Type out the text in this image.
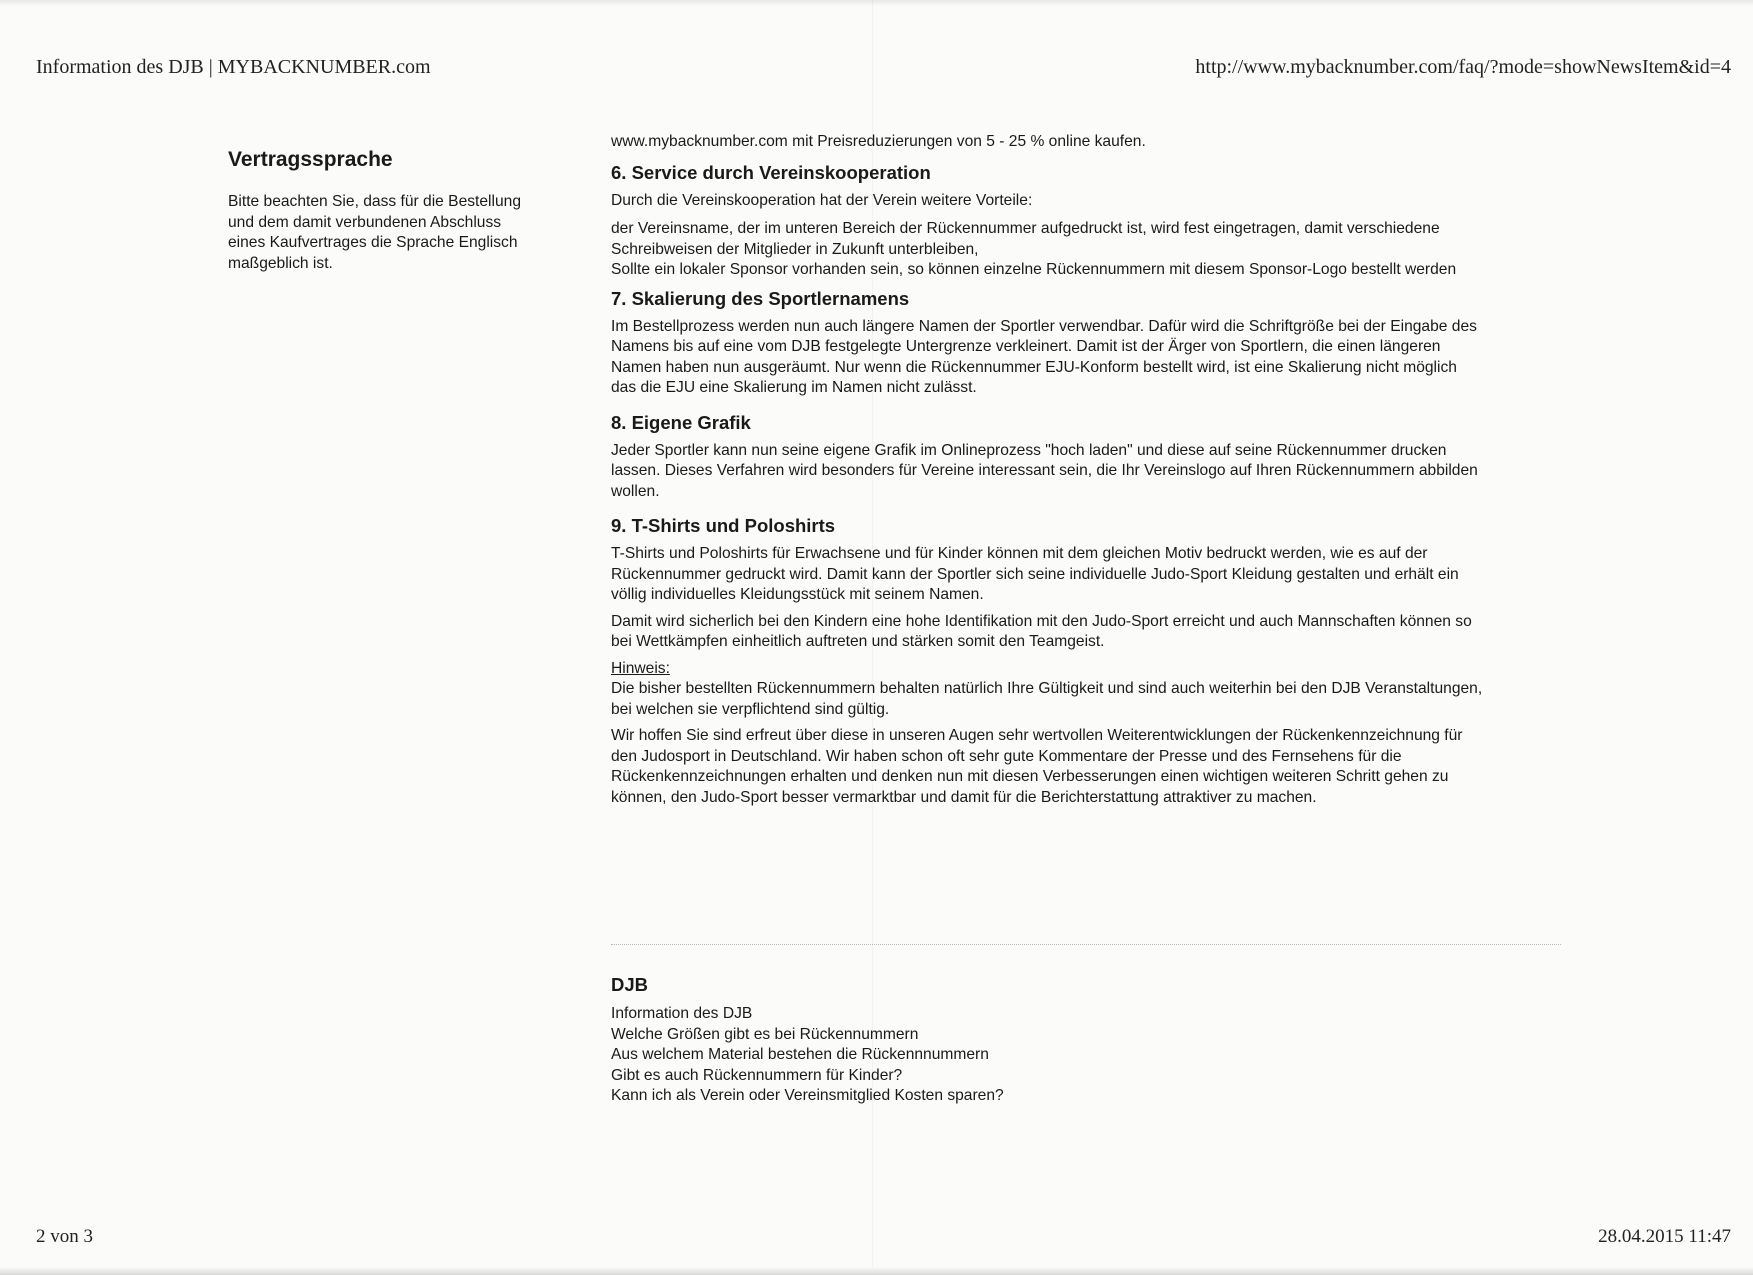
Information des DJB | MYBACKNUMBER.com	http://www.mybacknumber.com/faq/?mode=showNewsItem&id=4
Vertragssprache

Bitte beachten Sie, dass für die Bestellung
und dem damit verbundenen Abschluss
eines Kaufvertrages die Sprache Englisch
maßgeblich ist.

www.mybacknumber.com mit Preisreduzierungen von 5 - 25 % online kaufen.

6. Service durch Vereinskooperation

Durch die Vereinskooperation hat der Verein weitere Vorteile:

der Vereinsname, der im unteren Bereich der Rückennummer aufgedruckt ist, wird fest eingetragen, damit verschiedene
Schreibweisen der Mitglieder in Zukunft unterbleiben,
Sollte ein lokaler Sponsor vorhanden sein, so können einzelne Rückennummern mit diesem Sponsor-Logo bestellt werden

7. Skalierung des Sportlernamens

Im Bestellprozess werden nun auch längere Namen der Sportler verwendbar. Dafür wird die Schriftgröße bei der Eingabe des
Namens bis auf eine vom DJB festgelegte Untergrenze verkleinert. Damit ist der Ärger von Sportlern, die einen längeren
Namen haben nun ausgeräumt. Nur wenn die Rückennummer EJU-Konform bestellt wird, ist eine Skalierung nicht möglich
das die EJU eine Skalierung im Namen nicht zulässt.

8. Eigene Grafik

Jeder Sportler kann nun seine eigene Grafik im Onlineprozess "hoch laden" und diese auf seine Rückennummer drucken
lassen. Dieses Verfahren wird besonders für Vereine interessant sein, die Ihr Vereinslogo auf Ihren Rückennummern abbilden
wollen.

9. T-Shirts und Poloshirts

T-Shirts und Poloshirts für Erwachsene und für Kinder können mit dem gleichen Motiv bedruckt werden, wie es auf der
Rückennummer gedruckt wird. Damit kann der Sportler sich seine individuelle Judo-Sport Kleidung gestalten und erhält ein
völlig individuelles Kleidungsstück mit seinem Namen.

Damit wird sicherlich bei den Kindern eine hohe Identifikation mit den Judo-Sport erreicht und auch Mannschaften können so
bei Wettkämpfen einheitlich auftreten und stärken somit den Teamgeist.

Hinweis:
Die bisher bestellten Rückennummern behalten natürlich Ihre Gültigkeit und sind auch weiterhin bei den DJB Veranstaltungen,
bei welchen sie verpflichtend sind gültig.

Wir hoffen Sie sind erfreut über diese in unseren Augen sehr wertvollen Weiterentwicklungen der Rückenkennzeichnung für
den Judosport in Deutschland. Wir haben schon oft sehr gute Kommentare der Presse und des Fernsehens für die
Rückenkennzeichnungen erhalten und denken nun mit diesen Verbesserungen einen wichtigen weiteren Schritt gehen zu
können, den Judo-Sport besser vermarktbar und damit für die Berichterstattung attraktiver zu machen.

DJB
Information des DJB
Welche Größen gibt es bei Rückennummern
Aus welchem Material bestehen die Rückennnummern
Gibt es auch Rückennummern für Kinder?
Kann ich als Verein oder Vereinsmitglied Kosten sparen?
2 von 3	28.04.2015 11:47
